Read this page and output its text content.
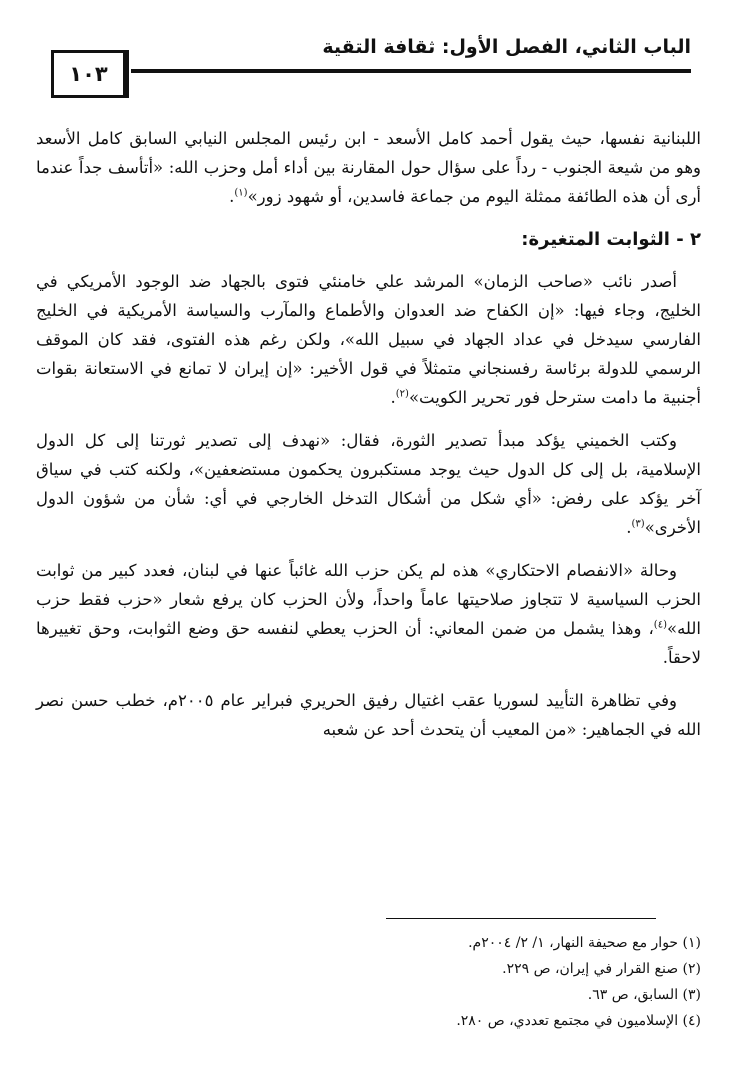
الباب الثاني، الفصل الأول: ثقافة التقية
١٠٣

اللبنانية نفسها، حيث يقول أحمد كامل الأسعد - ابن رئيس المجلس النيابي السابق كامل الأسعد وهو من شيعة الجنوب - رداً على سؤال حول المقارنة بين أداء أمل وحزب الله: «أتأسف جداً عندما أرى أن هذه الطائفة ممثلة اليوم من جماعة فاسدين، أو شهود زور»$^{(١)}$.

٢ - الثوابت المتغيرة:

أصدر نائب «صاحب الزمان» المرشد علي خامنئي فتوى بالجهاد ضد الوجود الأمريكي في الخليج، وجاء فيها: «إن الكفاح ضد العدوان والأطماع والمآرب والسياسة الأمريكية في الخليج الفارسي سيدخل في عداد الجهاد في سبيل الله»، ولكن رغم هذه الفتوى، فقد كان الموقف الرسمي للدولة برئاسة رفسنجاني متمثلاً في قول الأخير: «إن إيران لا تمانع في الاستعانة بقوات أجنبية ما دامت سترحل فور تحرير الكويت»$^{(٢)}$.

وكتب الخميني يؤكد مبدأ تصدير الثورة، فقال: «نهدف إلى تصدير ثورتنا إلى كل الدول الإسلامية، بل إلى كل الدول حيث يوجد مستكبرون يحكمون مستضعفين»، ولكنه كتب في سياق آخر يؤكد على رفض: «أي شكل من أشكال التدخل الخارجي في أي: شأن من شؤون الدول الأخرى»$^{(٣)}$.

وحالة «الانفصام الاحتكاري» هذه لم يكن حزب الله غائباً عنها في لبنان، فعدد كبير من ثوابت الحزب السياسية لا تتجاوز صلاحيتها عاماً واحداً، ولأن الحزب كان يرفع شعار «حزب فقط حزب الله»$^{(٤)}$، وهذا يشمل من ضمن المعاني: أن الحزب يعطي لنفسه حق وضع الثوابت، وحق تغييرها لاحقاً.

وفي تظاهرة التأييد لسوريا عقب اغتيال رفيق الحريري فبراير عام ٢٠٠٥م، خطب حسن نصر الله في الجماهير: «من المعيب أن يتحدث أحد عن شعبه

(١) حوار مع صحيفة النهار، ١/ ٢/ ٢٠٠٤م.

(٢) صنع القرار في إيران، ص ٢٢٩.

(٣) السابق، ص ٦٣.

(٤) الإسلاميون في مجتمع تعددي، ص ٢٨٠.
